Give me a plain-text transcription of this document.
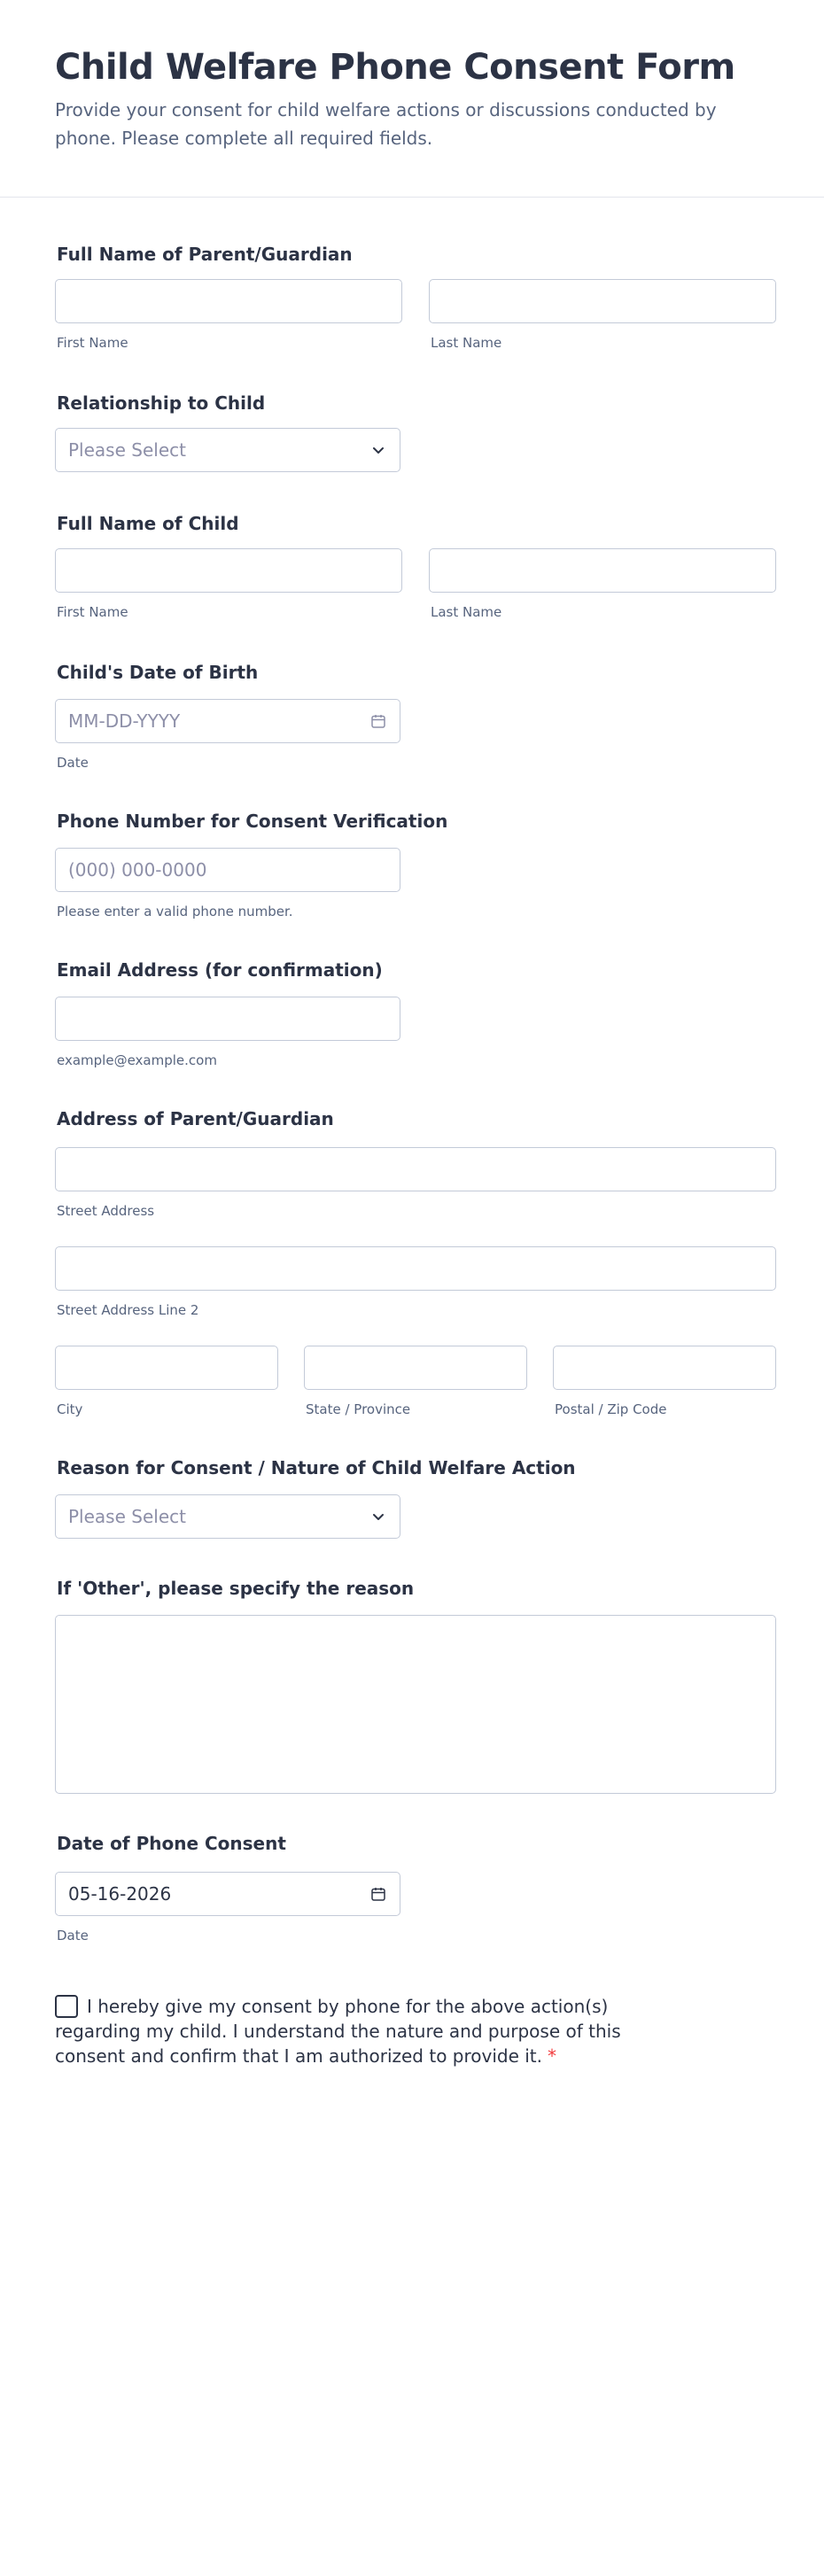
Child Welfare Phone Consent Form

Provide your consent for child welfare actions or discussions conducted by phone. Please complete all required fields.

Full Name of Parent/Guardian
First Name	Last Name
Relationship to Child
Please Select
Full Name of Child
First Name	Last Name
Child's Date of Birth
MM-DD-YYYY
Date
Phone Number for Consent Verification
(000) 000-0000
Please enter a valid phone number.
Email Address (for confirmation)
example@example.com
Address of Parent/Guardian
Street Address
Street Address Line 2
City	State / Province	Postal / Zip Code
Reason for Consent / Nature of Child Welfare Action
Please Select
If 'Other', please specify the reason
Date of Phone Consent
05-16-2026
Date
I hereby give my consent by phone for the above action(s) regarding my child. I understand the nature and purpose of this consent and confirm that I am authorized to provide it. *
